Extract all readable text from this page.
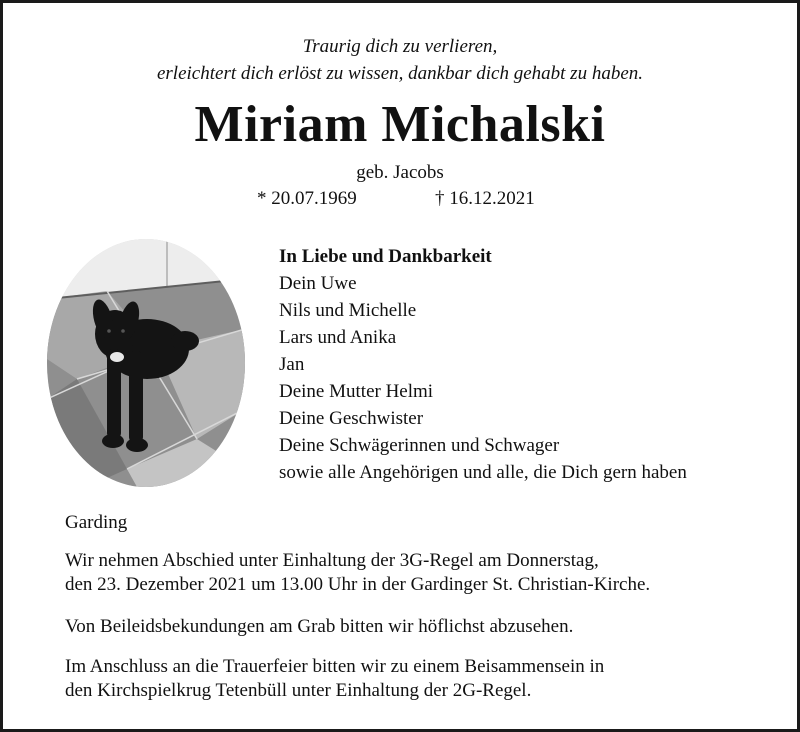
Traurig dich zu verlieren,
erleichtert dich erlöst zu wissen, dankbar dich gehabt zu haben.
Miriam Michalski
geb. Jacobs
* 20.07.1969	† 16.12.2021
In Liebe und Dankbarkeit
Dein Uwe
Nils und Michelle
Lars und Anika
Jan
Deine Mutter Helmi
Deine Geschwister
Deine Schwägerinnen und Schwager
sowie alle Angehörigen und alle, die Dich gern haben
Garding
Wir nehmen Abschied unter Einhaltung der 3G-Regel am Donnerstag,
den 23. Dezember 2021 um 13.00 Uhr in der Gardinger St. Christian-Kirche.
Von Beileidsbekundungen am Grab bitten wir höflichst abzusehen.
Im Anschluss an die Trauerfeier bitten wir zu einem Beisammensein in
den Kirchspielkrug Tetenbüll unter Einhaltung der 2G-Regel.
